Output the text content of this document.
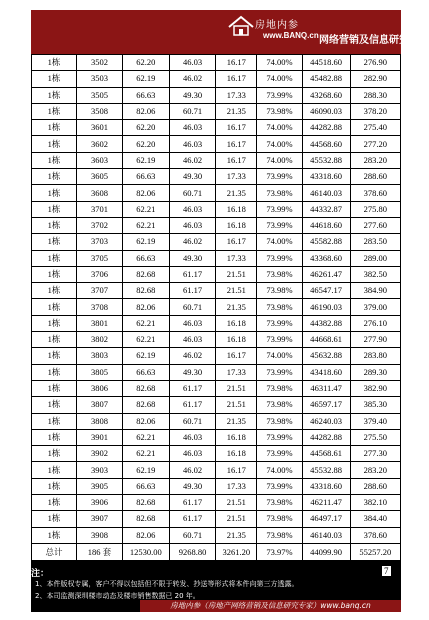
房地内参
www.BANQ.cn 网络营销及信息研究专家
1栋	3502	62.20	46.03	16.17	74.00%	44518.60	276.90
1栋	3503	62.19	46.02	16.17	74.00%	45482.88	282.90
1栋	3505	66.63	49.30	17.33	73.99%	43268.60	288.30
1栋	3508	82.06	60.71	21.35	73.98%	46090.03	378.20
1栋	3601	62.20	46.03	16.17	74.00%	44282.88	275.40
1栋	3602	62.20	46.03	16.17	74.00%	44568.60	277.20
1栋	3603	62.19	46.02	16.17	74.00%	45532.88	283.20
1栋	3605	66.63	49.30	17.33	73.99%	43318.60	288.60
1栋	3608	82.06	60.71	21.35	73.98%	46140.03	378.60
1栋	3701	62.21	46.03	16.18	73.99%	44332.87	275.80
1栋	3702	62.21	46.03	16.18	73.99%	44618.60	277.60
1栋	3703	62.19	46.02	16.17	74.00%	45582.88	283.50
1栋	3705	66.63	49.30	17.33	73.99%	43368.60	289.00
1栋	3706	82.68	61.17	21.51	73.98%	46261.47	382.50
1栋	3707	82.68	61.17	21.51	73.98%	46547.17	384.90
1栋	3708	82.06	60.71	21.35	73.98%	46190.03	379.00
1栋	3801	62.21	46.03	16.18	73.99%	44382.88	276.10
1栋	3802	62.21	46.03	16.18	73.99%	44668.61	277.90
1栋	3803	62.19	46.02	16.17	74.00%	45632.88	283.80
1栋	3805	66.63	49.30	17.33	73.99%	43418.60	289.30
1栋	3806	82.68	61.17	21.51	73.98%	46311.47	382.90
1栋	3807	82.68	61.17	21.51	73.98%	46597.17	385.30
1栋	3808	82.06	60.71	21.35	73.98%	46240.03	379.40
1栋	3901	62.21	46.03	16.18	73.99%	44282.88	275.50
1栋	3902	62.21	46.03	16.18	73.99%	44568.61	277.30
1栋	3903	62.19	46.02	16.17	74.00%	45532.88	283.20
1栋	3905	66.63	49.30	17.33	73.99%	43318.60	288.60
1栋	3906	82.68	61.17	21.51	73.98%	46211.47	382.10
1栋	3907	82.68	61.17	21.51	73.98%	46497.17	384.40
1栋	3908	82.06	60.71	21.35	73.98%	46140.03	378.60
总计	186 套	12530.00	9268.80	3261.20	73.97%	44099.90	55257.20
注：
1、本件版权专属，客户不得以包括但不限于转发、抄送等形式将本件向第三方透露。
2、本司监测深圳楼市动态及楼市销售数据已 20 年。
7
房地内参（房地产网络营销及信息研究专家）www.banq.cn
